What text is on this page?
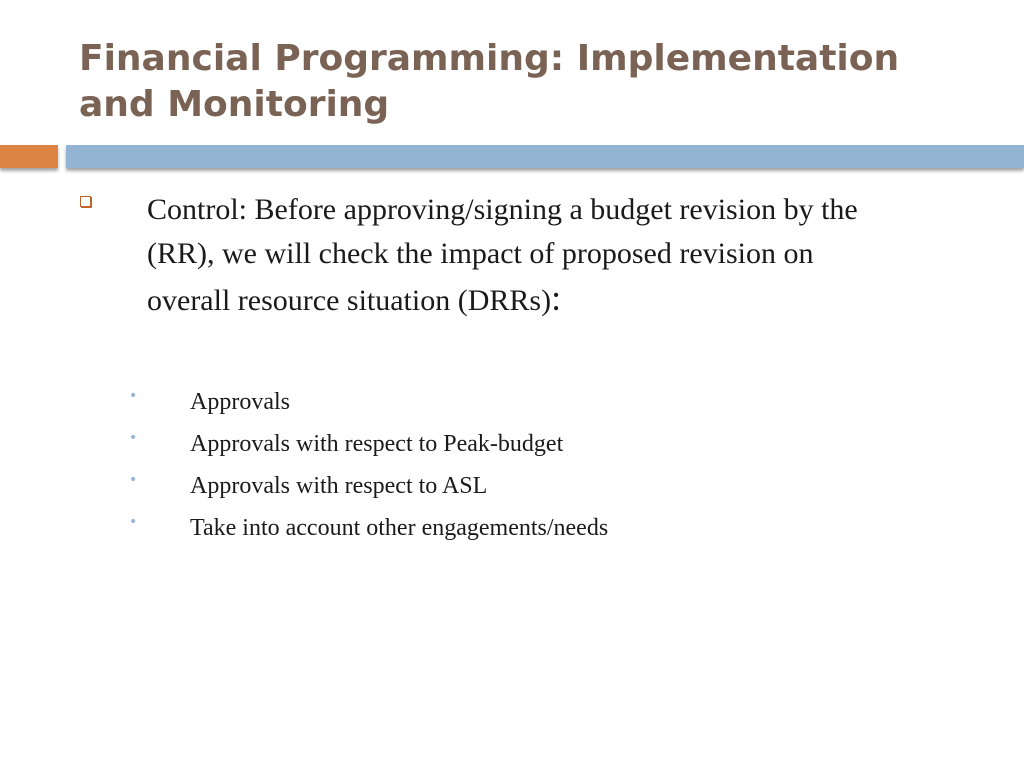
Financial Programming: Implementation
and Monitoring

Control: Before approving/signing a budget revision by the
(RR), we will check the impact of proposed revision on
overall resource situation (DRRs):

• Approvals
• Approvals with respect to Peak-budget
• Approvals with respect to ASL
• Take into account other engagements/needs
